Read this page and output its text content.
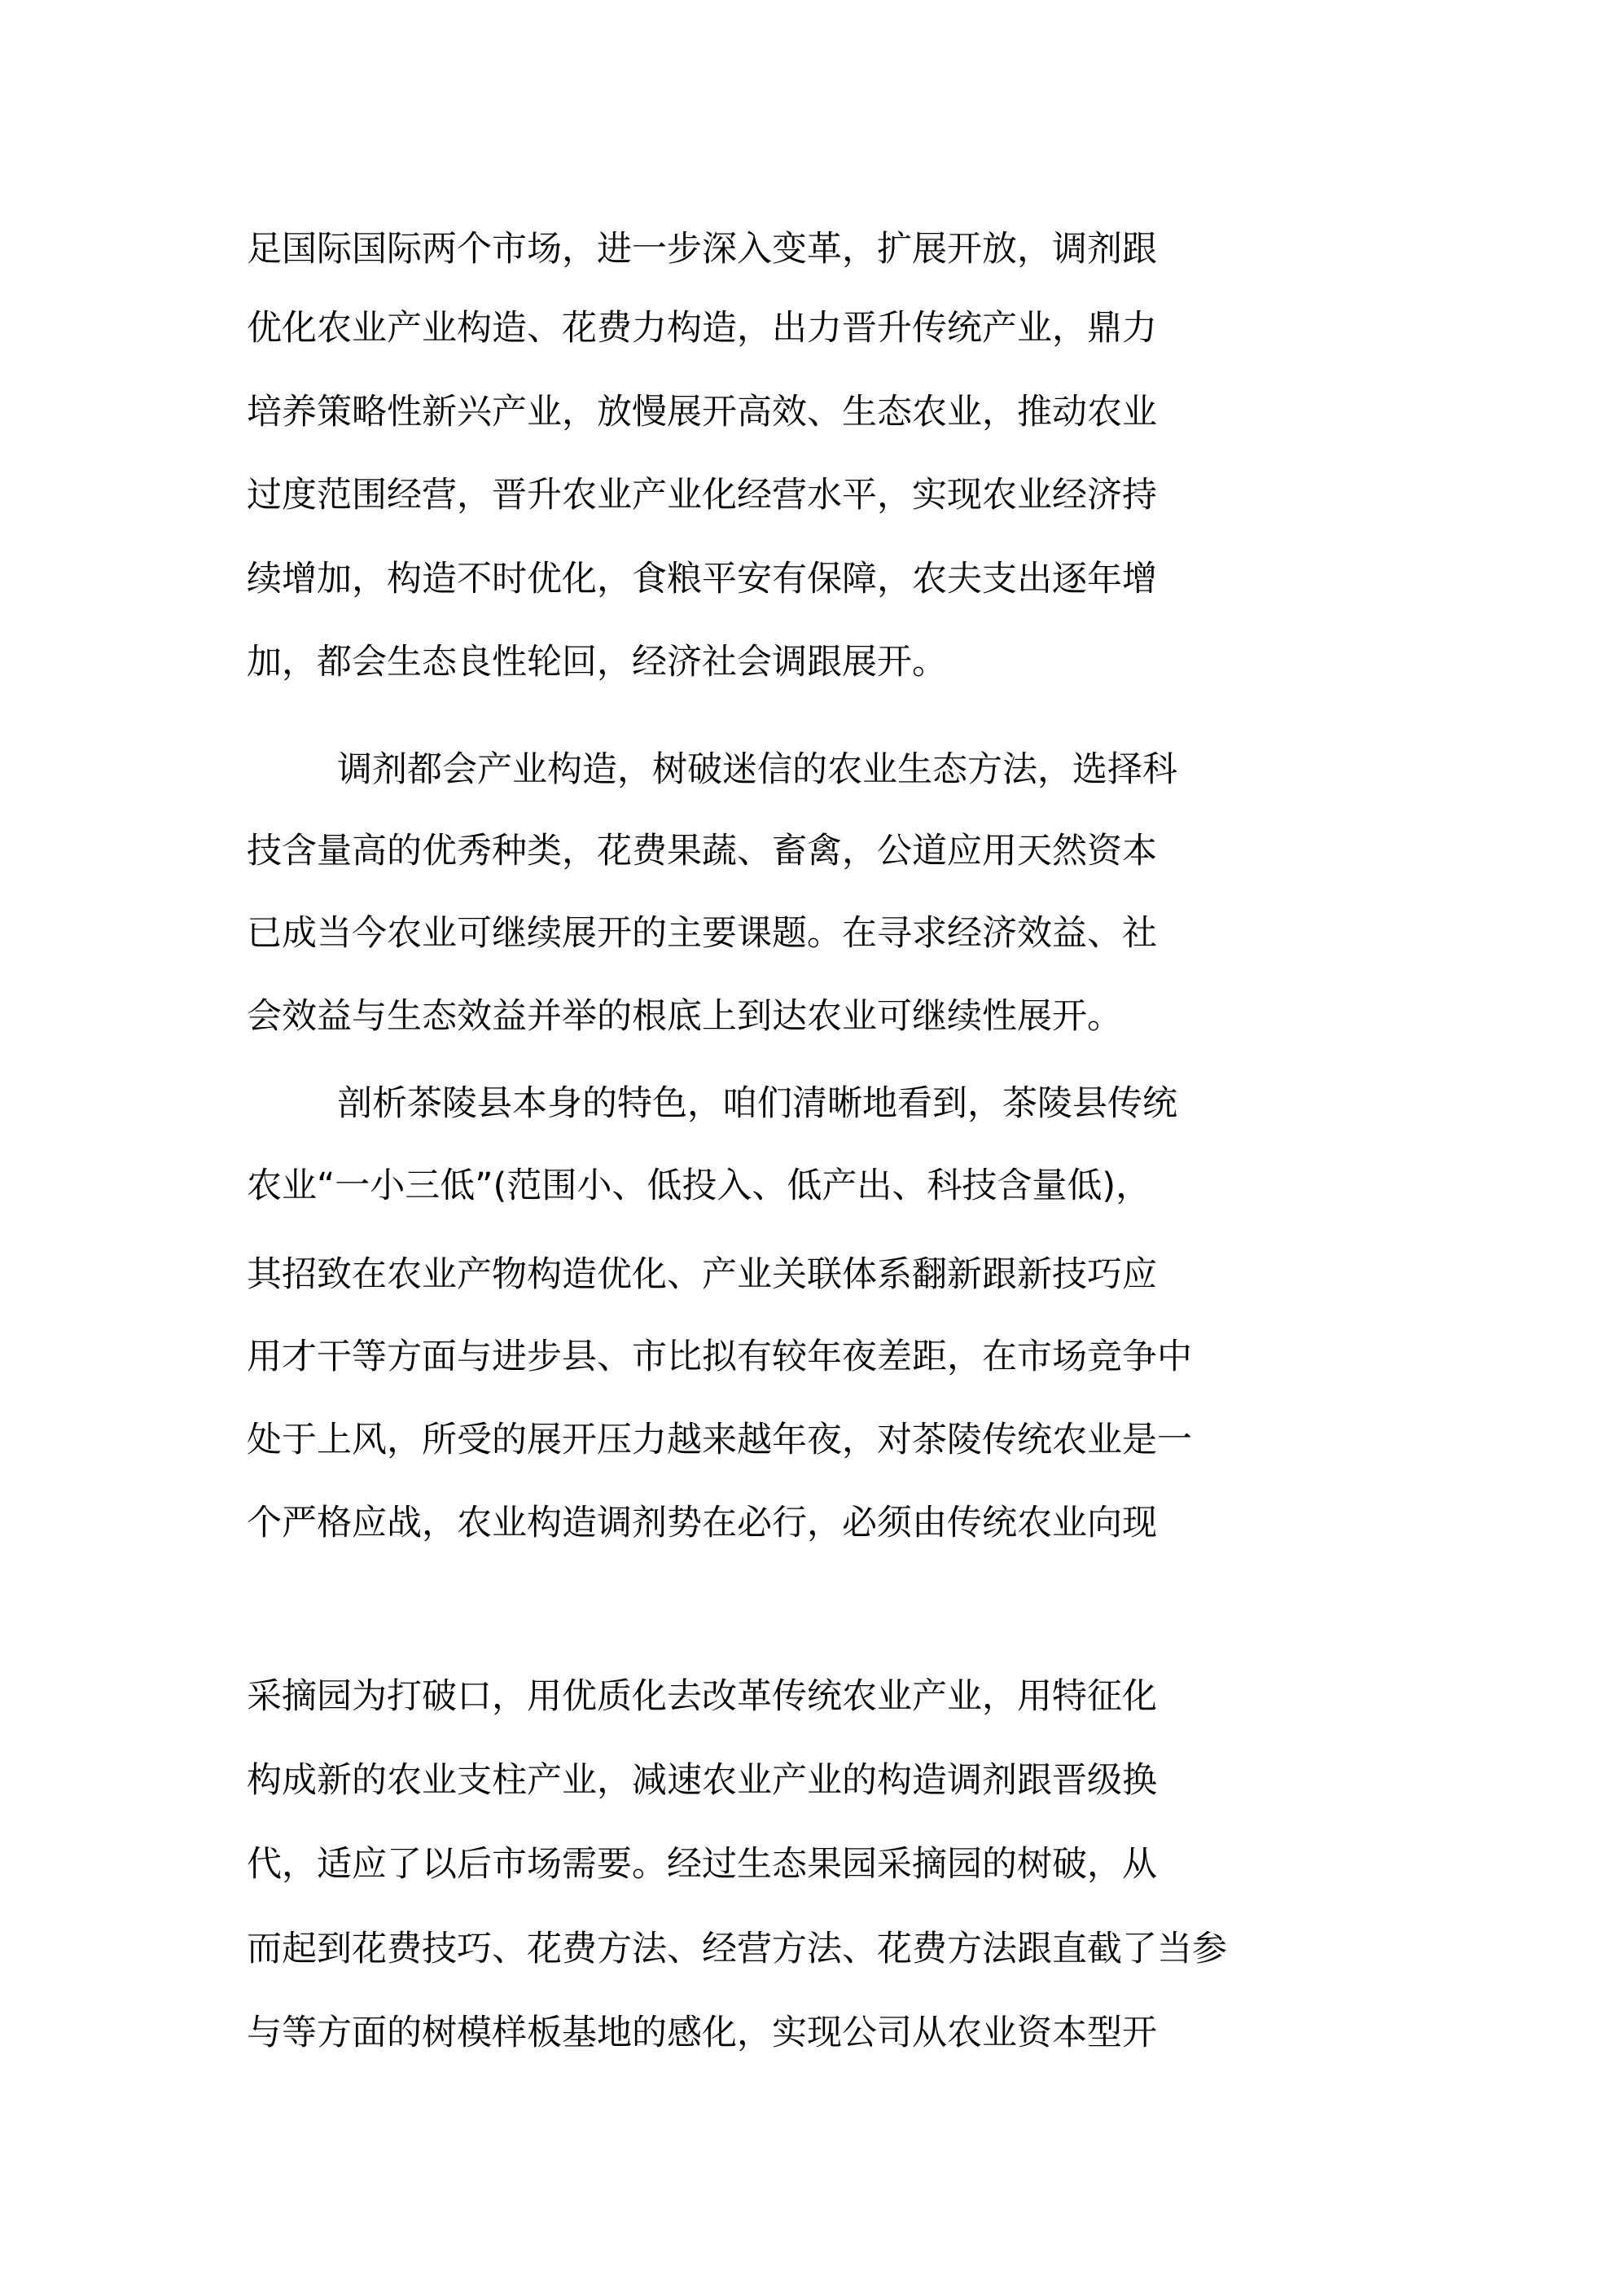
足国际国际两个市场，进一步深入变革，扩展开放，调剂跟
优化农业产业构造、花费力构造，出力晋升传统产业，鼎力
培养策略性新兴产业，放慢展开高效、生态农业，推动农业
过度范围经营，晋升农业产业化经营水平，实现农业经济持
续增加，构造不时优化，食粮平安有保障，农夫支出逐年增
加，都会生态良性轮回，经济社会调跟展开。
调剂都会产业构造，树破迷信的农业生态方法，选择科
技含量高的优秀种类，花费果蔬、畜禽，公道应用天然资本
已成当今农业可继续展开的主要课题。在寻求经济效益、社
会效益与生态效益并举的根底上到达农业可继续性展开。
剖析茶陵县本身的特色，咱们清晰地看到，茶陵县传统
农业“一小三低”(范围小、低投入、低产出、科技含量低)，
其招致在农业产物构造优化、产业关联体系翻新跟新技巧应
用才干等方面与进步县、市比拟有较年夜差距，在市场竞争中
处于上风，所受的展开压力越来越年夜，对茶陵传统农业是一
个严格应战，农业构造调剂势在必行，必须由传统农业向现
采摘园为打破口，用优质化去改革传统农业产业，用特征化
构成新的农业支柱产业，减速农业产业的构造调剂跟晋级换
代，适应了以后市场需要。经过生态果园采摘园的树破，从
而起到花费技巧、花费方法、经营方法、花费方法跟直截了当参
与等方面的树模样板基地的感化，实现公司从农业资本型开
